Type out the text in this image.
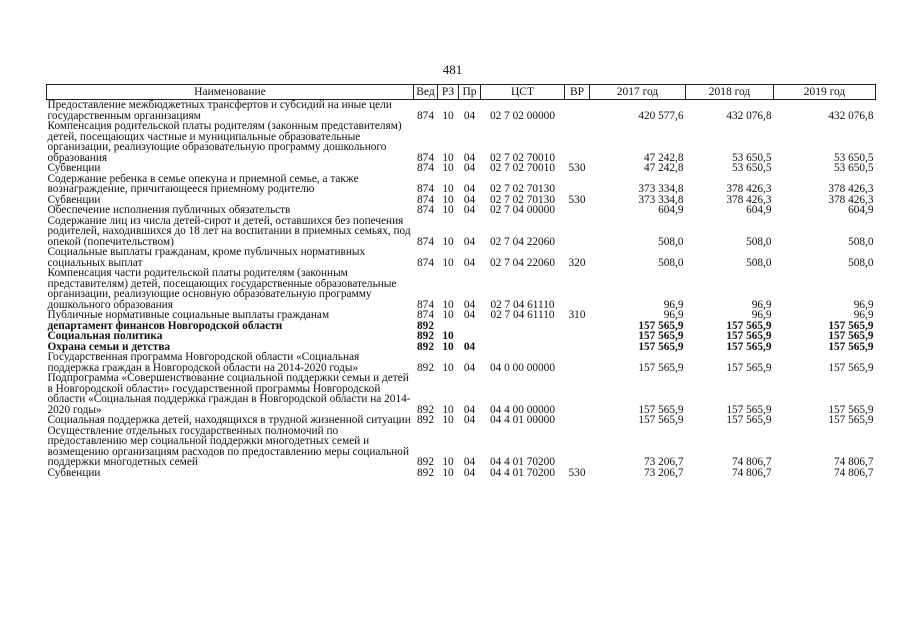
481
Наименование	Вед	РЗ	Пр	ЦСТ	ВР	2017 год	2018 год	2019 год
Предоставление межбюджетных трансфертов и субсидий на иные цели государственным организациям	874	10	04	02 7 02 00000		420 577,6	432 076,8	432 076,8
Компенсация родительской платы родителям (законным представителям) детей, посещающих частные и муниципальные образовательные организации, реализующие образовательную программу дошкольного образования	874	10	04	02 7 02 70010		47 242,8	53 650,5	53 650,5
Субвенции	874	10	04	02 7 02 70010	530	47 242,8	53 650,5	53 650,5
Содержание ребенка в семье опекуна и приемной семье, а также вознаграждение, причитающееся приемному родителю	874	10	04	02 7 02 70130		373 334,8	378 426,3	378 426,3
Субвенции	874	10	04	02 7 02 70130	530	373 334,8	378 426,3	378 426,3
Обеспечение исполнения публичных обязательств	874	10	04	02 7 04 00000		604,9	604,9	604,9
Содержание лиц из числа детей-сирот и детей, оставшихся без попечения родителей, находившихся до 18 лет на воспитании в приемных семьях, под опекой (попечительством)	874	10	04	02 7 04 22060		508,0	508,0	508,0
Социальные выплаты гражданам, кроме публичных нормативных социальных выплат	874	10	04	02 7 04 22060	320	508,0	508,0	508,0
Компенсация части родительской платы родителям (законным представителям) детей, посещающих государственные образовательные организации, реализующие основную образовательную программу дошкольного образования	874	10	04	02 7 04 61110		96,9	96,9	96,9
Публичные нормативные социальные выплаты гражданам	874	10	04	02 7 04 61110	310	96,9	96,9	96,9
департамент финансов Новгородской области	892					157 565,9	157 565,9	157 565,9
Социальная политика	892	10				157 565,9	157 565,9	157 565,9
Охрана семьи и детства	892	10	04			157 565,9	157 565,9	157 565,9
Государственная программа Новгородской области «Социальная поддержка граждан в Новгородской области на 2014-2020 годы»	892	10	04	04 0 00 00000		157 565,9	157 565,9	157 565,9
Подпрограмма «Совершенствование социальной поддержки семьи и детей в Новгородской области» государственной программы Новгородской области «Социальная поддержка граждан в Новгородской области на 2014-2020 годы»	892	10	04	04 4 00 00000		157 565,9	157 565,9	157 565,9
Социальная поддержка детей, находящихся в трудной жизненной ситуации	892	10	04	04 4 01 00000		157 565,9	157 565,9	157 565,9
Осуществление отдельных государственных полномочий по предоставлению мер социальной поддержки многодетных семей и возмещению организациям расходов по предоставлению меры социальной поддержки многодетных семей	892	10	04	04 4 01 70200		73 206,7	74 806,7	74 806,7
Субвенции	892	10	04	04 4 01 70200	530	73 206,7	74 806,7	74 806,7
